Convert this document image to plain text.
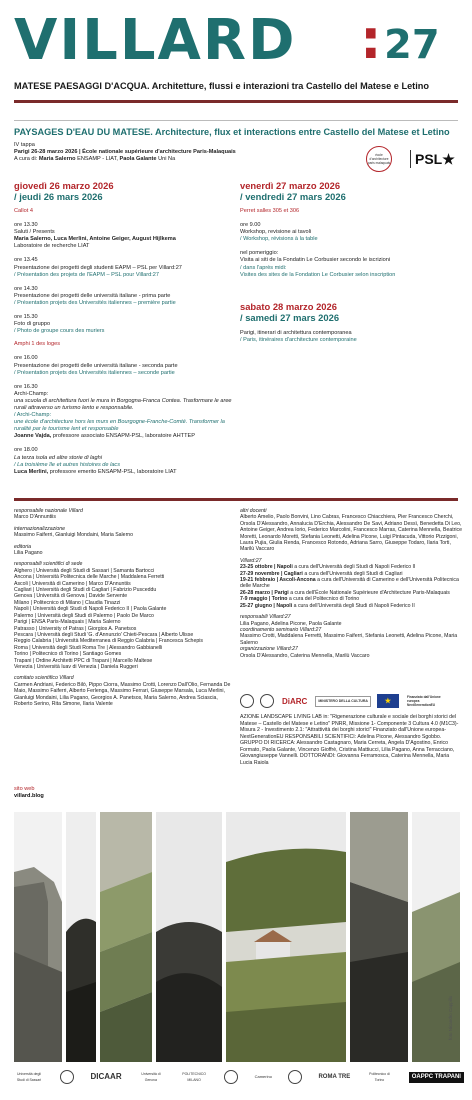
VILLARD : 27
MATESE PAESAGGI D'ACQUA. Architetture, flussi e interazioni tra Castello del Matese e Letino
PAYSAGES D'EAU DU MATESE. Architecture, flux et interactions entre Castello del Matese et Letino
IV tappa
Parigi 26-28 marzo 2026 | École nationale supérieure d'architecture Paris-Malaquais
A cura di: Maria Salerno ENSAMP - LIAT, Paola Galante Uni Na
école d'architecture paris malaquais	PSL★
giovedì 26 marzo 2026
/ jeudi 26 mars 2026
Callot 4
ore 13.30
Saluti / Presents
Maria Salerno, Luca Merlini, Antoine Geiger, August Hijlkema
Laboratoire de recherche LIAT
ore 13.45
Presentazione dei progetti degli studenti EAPM – PSL per Villard:27
/ Présentation des projets de l'EAPM – PSL pour Villard:27
ore 14.30
Presentazione dei progetti delle università italiane - prima parte
/ Présentation projets des Universités italiennes – première partie
ore 15.30
Foto di gruppo
/ Photo de groupe cours des muriers
Amphi 1 des loges
ore 16.00
Presentazione dei progetti delle università italiane - seconda parte
/ Présentation projets des Universités italiennes – seconde partie
ore 16.30
Archi-Champ:
una scuola di architettura fuori le mura in Borgogna-Franca Contea. Trasformare le aree rurali attraverso un turismo lento e responsabile.
/ Archi-Champ:
une école d'architecture hors les murs en Bourgogne-Franche-Comté. Transformer la ruralité par le tourisme lent et responsable
Joanne Vajda, professore associato ENSAPM-PSL, laboratoire AHTTEP
ore 18.00
La terza isola ed altre storie di laghi
/ La troisième île et autres histoires de lacs
Luca Merlini, professore emerito ENSAPM-PSL, laboratoire LIAT
venerdì 27 marzo 2026
/ vendredi 27 mars 2026
Perret salles 305 et 306
ore 9.00
Workshop, revisione ai tavoli
/ Workshop, révisions à la table
nel pomeriggio:
Visita ai siti de la Fondatin Le Corbusier secondo le iscrizioni
/ dans l'après midi:
Visites des sites de la Fondation Le Corbusier selon inscription
sabato 28 marzo 2026
/ samedi 27 mars 2026
Parigi, itinerari di architettura contemporanea
/ Paris, itinéraires d'architecture contemporaine
responsabile nazionale Villard
Marco D'Annuntiis
internazionalizzazione
Massimo Faiferri, Gianluigi Mondaini, Maria Salerno
editoria
Lilia Pagano
responsabili scientifici di sede
Alghero | Università degli Studi di Sassari | Samanta Bartocci
Ancona | Università Politecnica delle Marche | Maddalena Ferretti
Ascoli | Università di Camerino | Marco D'Annuntiis
Cagliari | Università degli Studi di Cagliari | Fabrizio Pusceddu
Genova | Università di Genova | Davide Servente
Milano | Politecnico di Milano | Claudia Tinazzi
Napoli | Università degli Studi di Napoli Federico II | Paola Galante
Palermo | Università degli Studi di Palermo | Paolo De Marco
Parigi | ENSA Paris-Malaquais | Maria Salerno
Patrasso | University of Patras | Giorgios A. Panetsos
Pescara | Università degli Studi 'G. d'Annunzio' Chieti-Pescara | Alberto Ulisse
Reggio Calabria | Università Mediterranea di Reggio Calabria | Francesca Schepis
Roma | Università degli Studi Roma Tre | Alessandro Gabbianelli
Torino | Politecnico di Torino | Santiago Gomes
Trapani | Ordine Architetti PPC di Trapani | Marcello Maltese
Venezia | Università Iuav di Venezia | Daniela Ruggeri
comitato scientifico Villard
Carmen Andriani, Federico Bilò, Pippo Ciorra, Massimo Crotti, Lorenzo Dall'Olio, Fernanda De Maio, Massimo Faiferri, Alberto Ferlenga, Massimo Ferrari, Giuseppe Marsala, Luca Merlini, Gianluigi Mondaini, Lilia Pagano, Georgios A. Panetsos, Maria Salerno, Andrea Sciascia, Roberto Serino, Rita Simone, Ilaria Valente
altri docenti
Alberto Amelio, Paolo Bonvini, Lino Cabras, Francesco Chiacchiera, Pier Francesco Cherchi, Orsola D'Alessandro, Annalucia D'Erchia, Alessandro De Savi, Adriano Dessì, Benedetta Di Leo, Antoine Geiger, Andrea Iorio, Federico Marcolini, Francesco Marras, Caterina Mennella, Beatrice Moretti, Leonardo Moretti, Stefania Leonetti, Adelina Picone, Luigi Pintacuda, Vittorio Pizzigoni, Laura Pujia, Giulia Renda, Francesco Rotondo, Adriana Sarro, Giuseppe Todaro, Ilaria Torti, Marilù Vaccaro
Villard:27
23-25 ottobre | Napoli a cura dell'Università degli Studi di Napoli Federico II
27-29 novembre | Cagliari a cura dell'Università degli Studi di Cagliari
19-21 febbraio | Ascoli-Ancona a cura dell'Università di Camerino e dell'Università Politecnica delle Marche
26-28 marzo | Parigi a cura dell'École Nationale Supérieure d'Architecture Paris-Malaquais
7-9 maggio | Torino a cura del Politecnico di Torino
25-27 giugno | Napoli a cura dell'Università degli Studi di Napoli Federico II
responsabili Villard:27
Lilia Pagano, Adelina Picone, Paola Galante
coordinamento seminario Villard:27
Massimo Crotti, Maddalena Ferretti, Massimo Faiferri, Stefania Leonetti, Adelina Picone, Maria Salerno
organizzazione Villard:27
Orsola D'Alessandro, Caterina Mennella, Marilù Vaccaro
DiARC	MINISTERO DELLA CULTURA	★
Finanziato dall'Unione europea NextGenerationEU
AZIONE LANDSCAPE LIVING LAB in: "Rigenerazione culturale e sociale dei borghi storici del Matese – Castello del Matese e Letino" PNRR, Missione 1- Componente 3 Cultura 4.0 (M1C3)- Misura 2 - Investimento 2.1: "Attrattività dei borghi storici" Finanziato dall'Unione europea-NextGenerationEU RESPONSABILI SCIENTIFICI: Adelina Picone, Alessandro Sgobbo. GRUPPO DI RICERCA: Alessandro Castagnaro, Maria Cerreta, Angela D'Agostino, Enrico Formato, Paola Galante, Vincenzo Gioffrè, Cristina Mattiucci, Lilia Pagano, Anna Terracciano, Giovangiuseppe Vannelli. DOTTORANDI: Giovanna Ferramosca, Caterina Mennella, Maria Lucia Raiola
sito web
villard.blog
foto Nicandro Cappillo
Università degli Studi di Sassari	DICAAR	Università di Genova
POLITECNICO MILANO
Camerino	ROMA TRE	Politecnico di Torino
OAPPC TRAPANI
